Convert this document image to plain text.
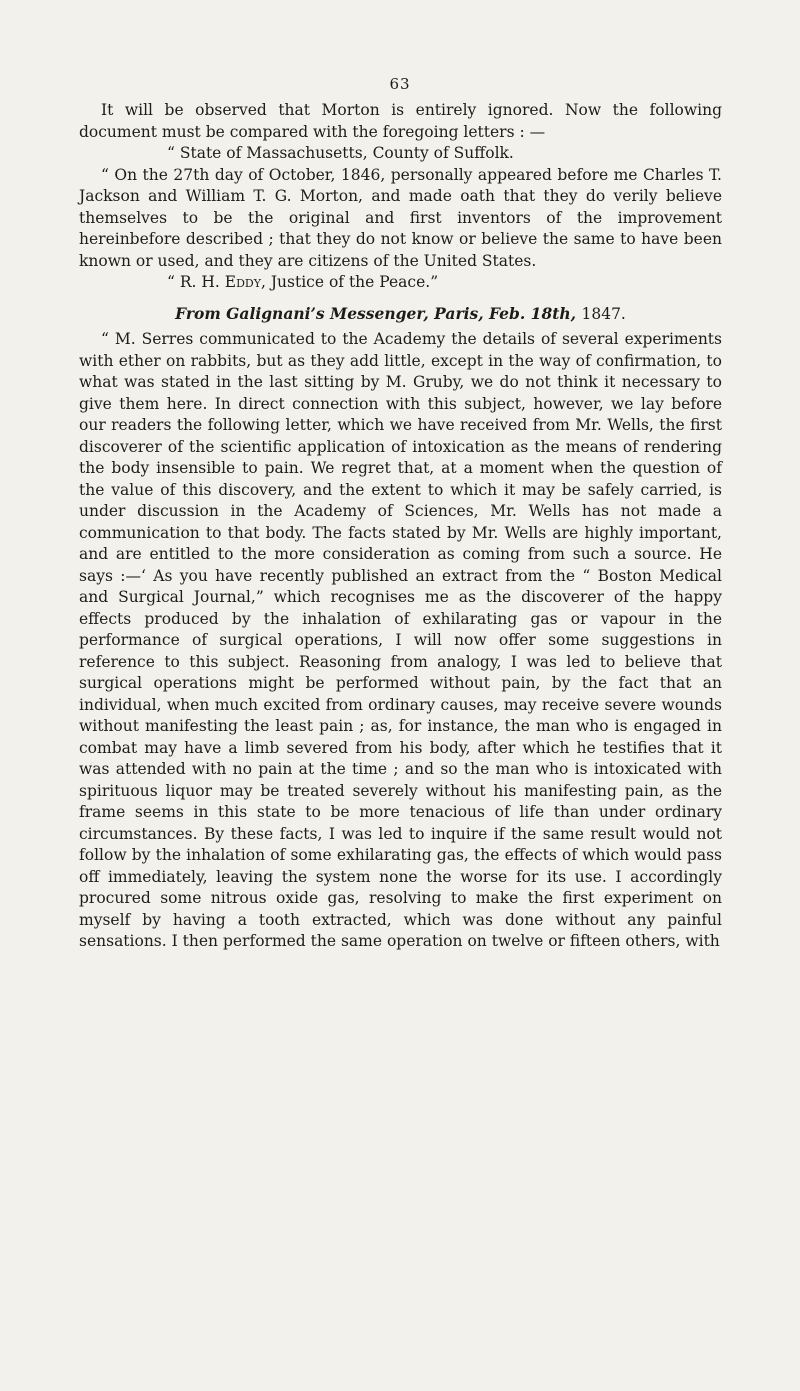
63

It will be observed that Morton is entirely ignored. Now the following document must be compared with the foregoing letters : —

“ State of Massachusetts, County of Suffolk.

“ On the 27th day of October, 1846, personally appeared before me Charles T. Jackson and William T. G. Morton, and made oath that they do verily believe themselves to be the original and first inventors of the improvement hereinbefore described ; that they do not know or believe the same to have been known or used, and they are citizens of the United States.

“ R. H. Eddy, Justice of the Peace.”

From Galignani’s Messenger, Paris, Feb. 18th, 1847.

“ M. Serres communicated to the Academy the details of several experiments with ether on rabbits, but as they add little, except in the way of confirmation, to what was stated in the last sitting by M. Gruby, we do not think it necessary to give them here. In direct connection with this subject, however, we lay before our readers the following letter, which we have received from Mr. Wells, the first discoverer of the scientific application of intoxication as the means of rendering the body insensible to pain. We regret that, at a moment when the question of the value of this discovery, and the extent to which it may be safely carried, is under discussion in the Academy of Sciences, Mr. Wells has not made a communication to that body. The facts stated by Mr. Wells are highly important, and are entitled to the more consideration as coming from such a source. He says :—‘ As you have recently published an extract from the “ Boston Medical and Surgical Journal,” which recognises me as the discoverer of the happy effects produced by the inhalation of exhilarating gas or vapour in the performance of surgical operations, I will now offer some suggestions in reference to this subject. Reasoning from analogy, I was led to believe that surgical operations might be performed without pain, by the fact that an individual, when much excited from ordinary causes, may receive severe wounds without manifesting the least pain ; as, for instance, the man who is engaged in combat may have a limb severed from his body, after which he testifies that it was attended with no pain at the time ; and so the man who is intoxicated with spirituous liquor may be treated severely without his manifesting pain, as the frame seems in this state to be more tenacious of life than under ordinary circumstances. By these facts, I was led to inquire if the same result would not follow by the inhalation of some exhilarating gas, the effects of which would pass off immediately, leaving the system none the worse for its use. I accordingly procured some nitrous oxide gas, resolving to make the first experiment on myself by having a tooth extracted, which was done without any painful sensations. I then performed the same operation on twelve or fifteen others, with
